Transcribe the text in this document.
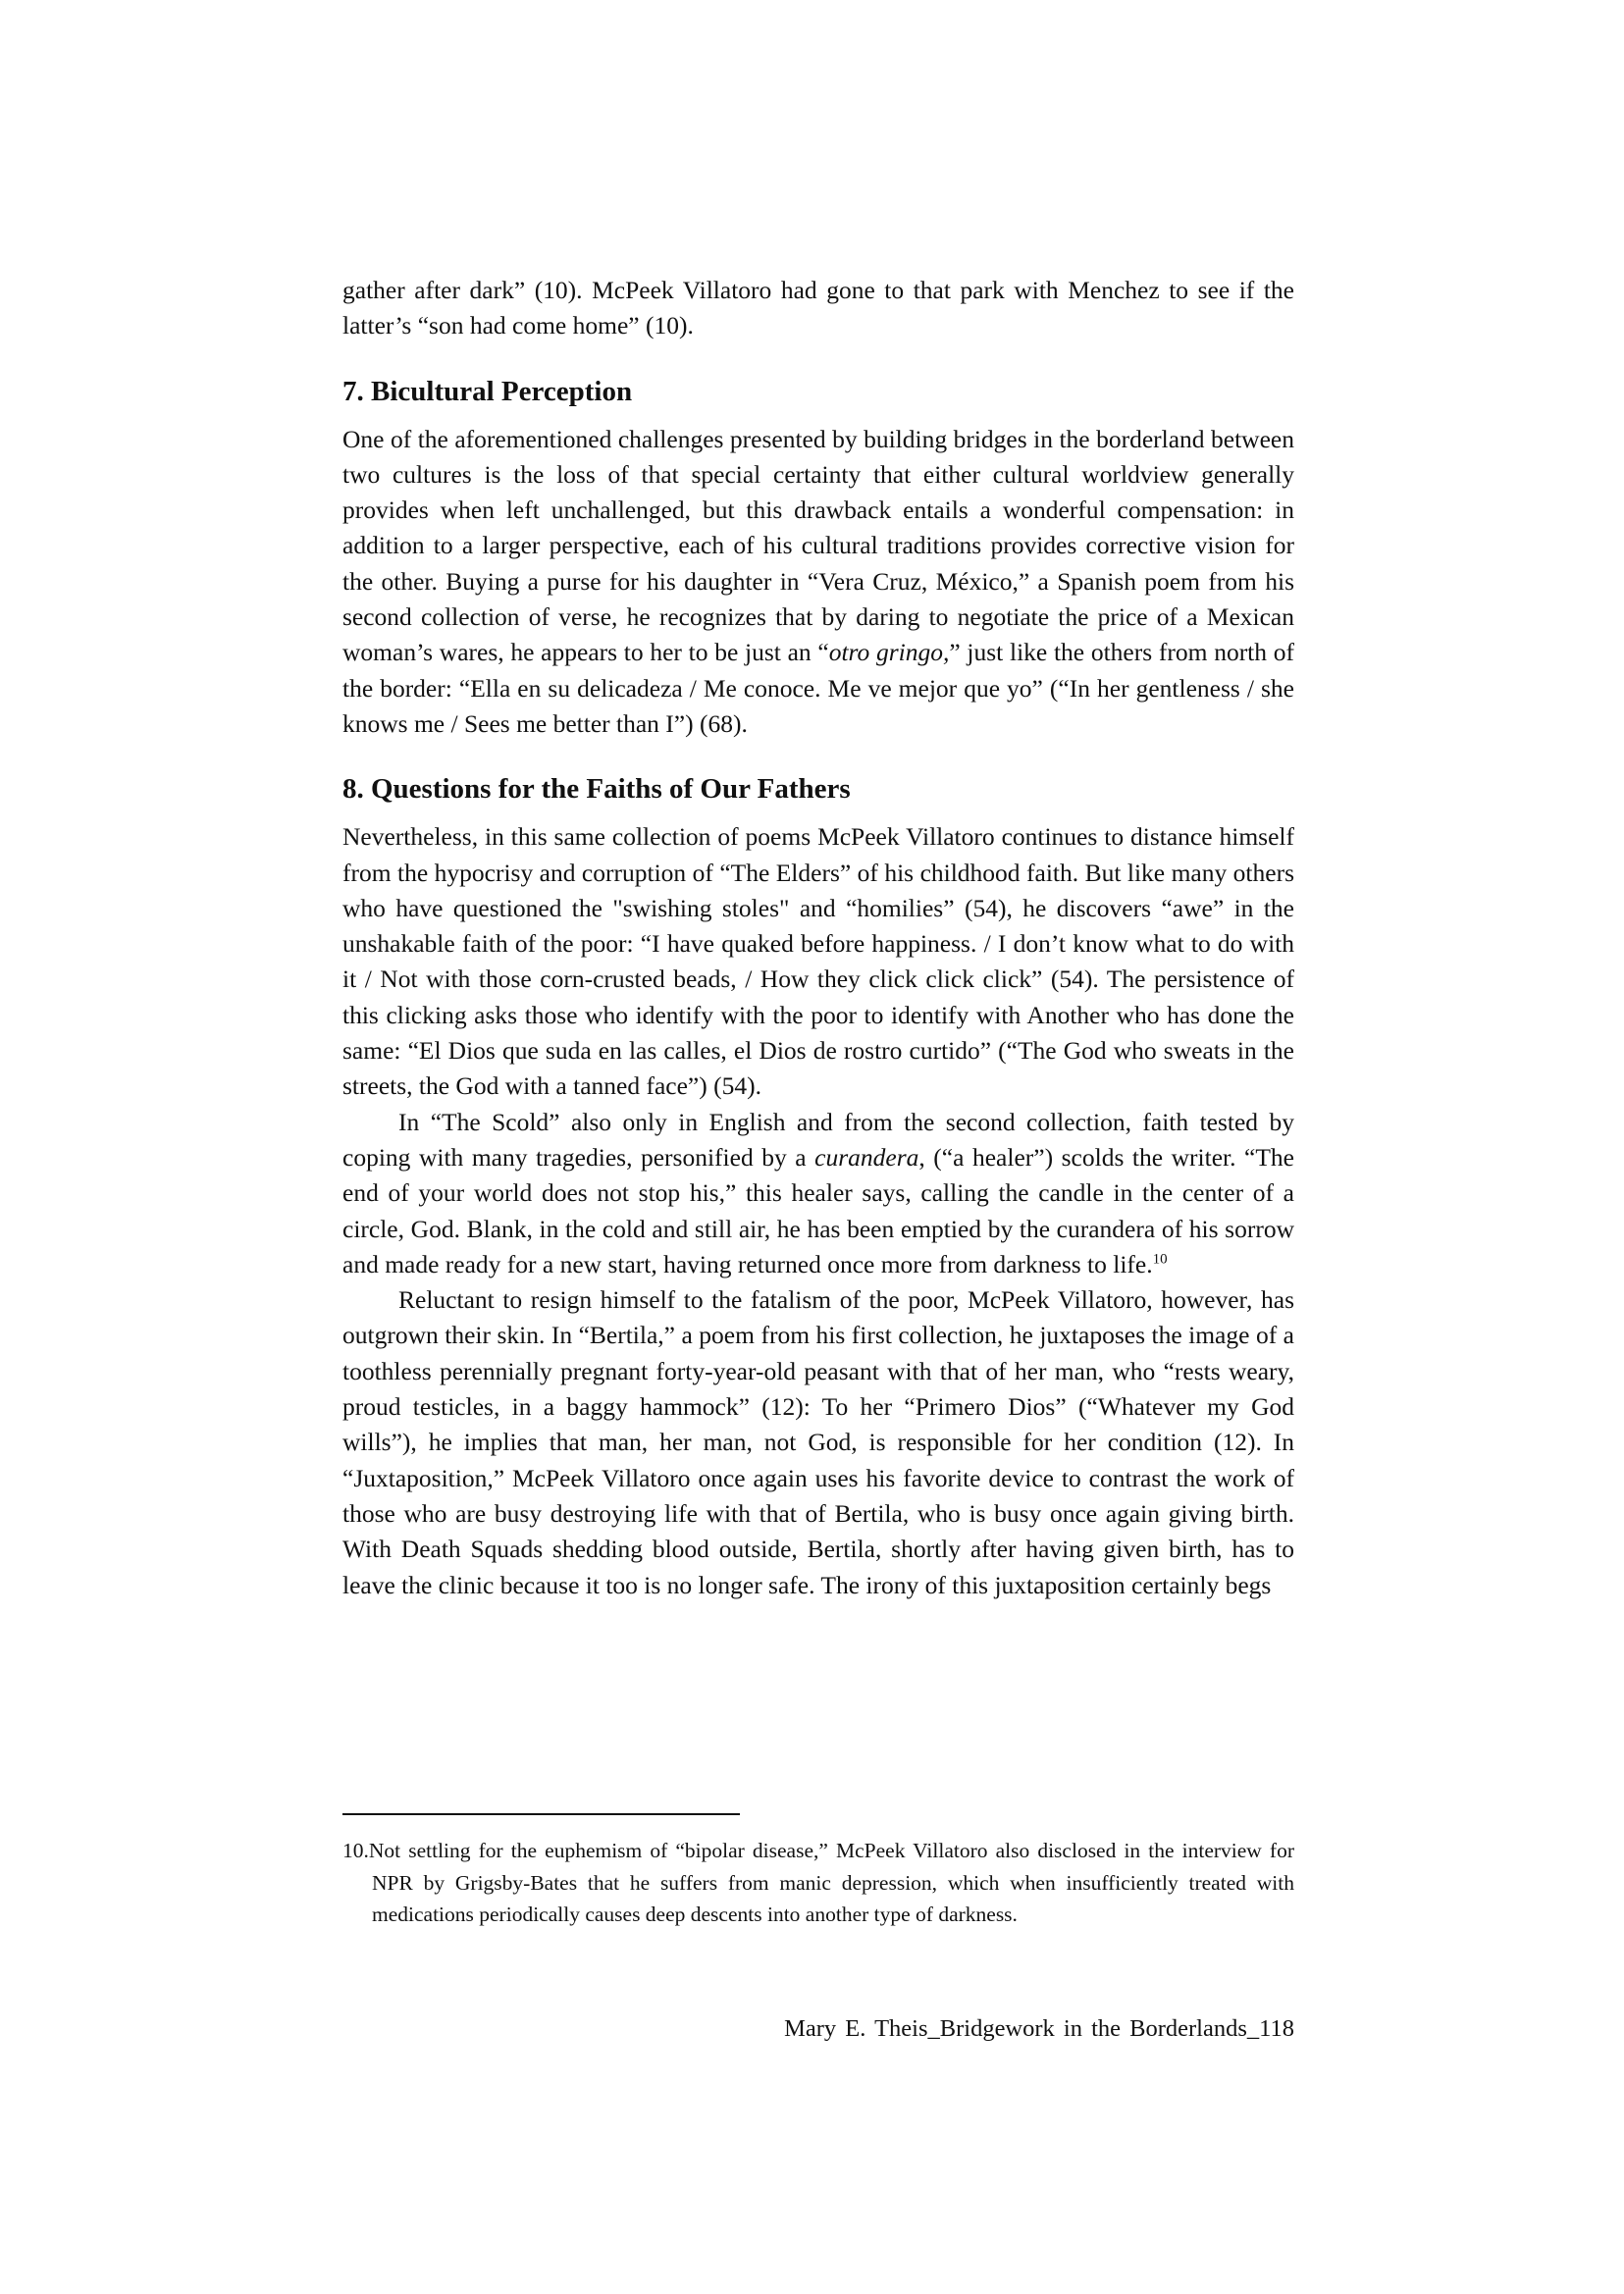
gather after dark” (10). McPeek Villatoro had gone to that park with Menchez to see if the latter’s “son had come home” (10).

7. Bicultural Perception

One of the aforementioned challenges presented by building bridges in the borderland between two cultures is the loss of that special certainty that either cultural worldview generally provides when left unchallenged, but this drawback entails a wonderful compensation: in addition to a larger perspective, each of his cultural traditions provides corrective vision for the other. Buying a purse for his daughter in “Vera Cruz, México,” a Spanish poem from his second collection of verse, he recognizes that by daring to negotiate the price of a Mexican woman’s wares, he appears to her to be just an “otro gringo,” just like the others from north of the border: “Ella en su delicadeza / Me conoce. Me ve mejor que yo” (“In her gentleness / she knows me / Sees me better than I”) (68).

8. Questions for the Faiths of Our Fathers

Nevertheless, in this same collection of poems McPeek Villatoro continues to distance himself from the hypocrisy and corruption of “The Elders” of his childhood faith. But like many others who have questioned the "swishing stoles" and “homilies” (54), he discovers “awe” in the unshakable faith of the poor: “I have quaked before happiness. / I don’t know what to do with it / Not with those corn-crusted beads, / How they click click click” (54). The persistence of this clicking asks those who identify with the poor to identify with Another who has done the same: “El Dios que suda en las calles, el Dios de rostro curtido” (“The God who sweats in the streets, the God with a tanned face”) (54).

In “The Scold” also only in English and from the second collection, faith tested by coping with many tragedies, personified by a curandera, (“a healer”) scolds the writer. “The end of your world does not stop his,” this healer says, calling the candle in the center of a circle, God. Blank, in the cold and still air, he has been emptied by the curandera of his sorrow and made ready for a new start, having returned once more from darkness to life.$^{10}$

Reluctant to resign himself to the fatalism of the poor, McPeek Villatoro, however, has outgrown their skin. In “Bertila,” a poem from his first collection, he juxtaposes the image of a toothless perennially pregnant forty-year-old peasant with that of her man, who “rests weary, proud testicles, in a baggy hammock” (12): To her “Primero Dios” (“Whatever my God wills”), he implies that man, her man, not God, is responsible for her condition (12). In “Juxtaposition,” McPeek Villatoro once again uses his favorite device to contrast the work of those who are busy destroying life with that of Bertila, who is busy once again giving birth. With Death Squads shedding blood outside, Bertila, shortly after having given birth, has to leave the clinic because it too is no longer safe. The irony of this juxtaposition certainly begs

10.Not settling for the euphemism of “bipolar disease,” McPeek Villatoro also disclosed in the interview for NPR by Grigsby-Bates that he suffers from manic depression, which when insufficiently treated with medications periodically causes deep descents into another type of darkness.
Mary E. Theis_Bridgework in the Borderlands_118
